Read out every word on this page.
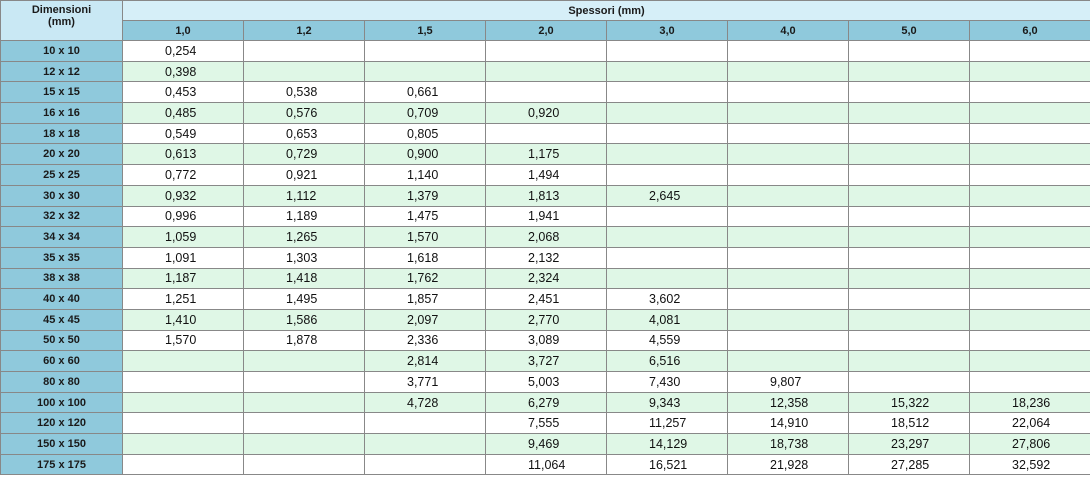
Dimensioni
(mm)	Spessori (mm)							
	1,0	1,2	1,5	2,0	3,0	4,0	5,0	6,0
10 x 10	0,254							
12 x 12	0,398							
15 x 15	0,453	0,538	0,661					
16 x 16	0,485	0,576	0,709	0,920				
18 x 18	0,549	0,653	0,805					
20 x 20	0,613	0,729	0,900	1,175				
25 x 25	0,772	0,921	1,140	1,494				
30 x 30	0,932	1,112	1,379	1,813	2,645			
32 x 32	0,996	1,189	1,475	1,941				
34 x 34	1,059	1,265	1,570	2,068				
35 x 35	1,091	1,303	1,618	2,132				
38 x 38	1,187	1,418	1,762	2,324				
40 x 40	1,251	1,495	1,857	2,451	3,602			
45 x 45	1,410	1,586	2,097	2,770	4,081			
50 x 50	1,570	1,878	2,336	3,089	4,559			
60 x 60			2,814	3,727	6,516			
80 x 80			3,771	5,003	7,430	9,807		
100 x 100			4,728	6,279	9,343	12,358	15,322	18,236
120 x 120				7,555	11,257	14,910	18,512	22,064
150 x 150				9,469	14,129	18,738	23,297	27,806
175 x 175				11,064	16,521	21,928	27,285	32,592
